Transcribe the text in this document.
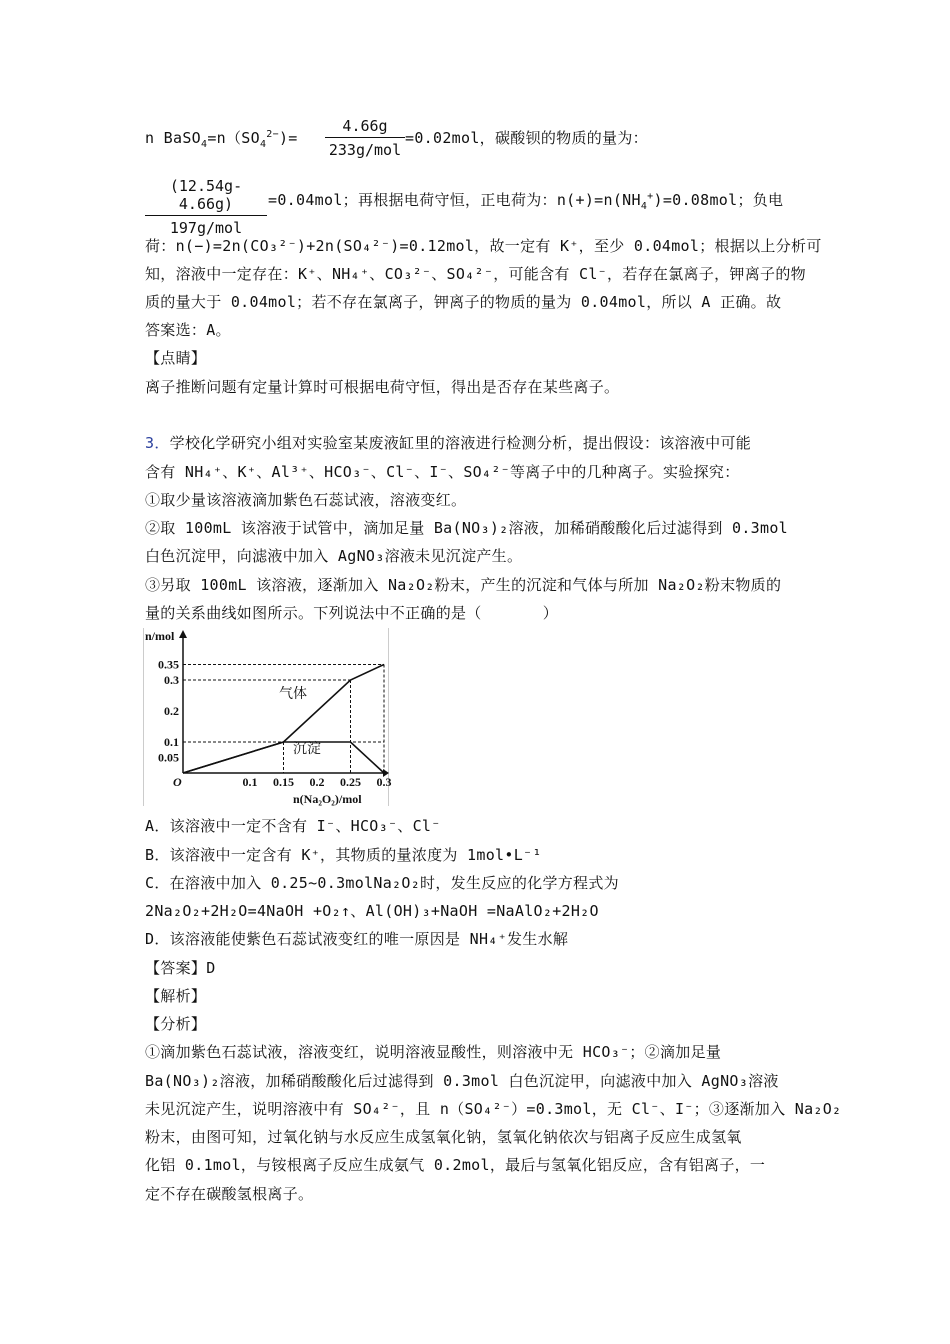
n $BaSO_4=n(SO_4^{2-})=$
4.66g
233g/mol
=0.02mol，碳酸钡的物质的量为：
(12.54g-4.66g)
197g/mol
=0.04mol；再根据电荷守恒，正电荷为：$n(+)=n(NH_4^+)=0.08mol$；负电
荷：n(−)=2n(CO₃²⁻)+2n(SO₄²⁻)=0.12mol，故一定有 K⁺，至少 0.04mol；根据以上分析可
知，溶液中一定存在：K⁺、NH₄⁺、CO₃²⁻、SO₄²⁻，可能含有 Cl⁻，若存在氯离子，钾离子的物
质的量大于 0.04mol；若不存在氯离子，钾离子的物质的量为 0.04mol，所以 A 正确。故
答案选：A。
【点睛】
离子推断问题有定量计算时可根据电荷守恒，得出是否存在某些离子。
3．学校化学研究小组对实验室某废液缸里的溶液进行检测分析，提出假设：该溶液中可能
含有 NH₄⁺、K⁺、Al³⁺、HCO₃⁻、Cl⁻、I⁻、SO₄²⁻等离子中的几种离子。实验探究：
①取少量该溶液滴加紫色石蕊试液，溶液变红。
②取 100mL 该溶液于试管中，滴加足量 Ba(NO₃)₂溶液，加稀硝酸酸化后过滤得到 0.3mol
白色沉淀甲，向滤液中加入 AgNO₃溶液未见沉淀产生。
③另取 100mL 该溶液，逐渐加入 Na₂O₂粉末，产生的沉淀和气体与所加 Na₂O₂粉末物质的
量的关系曲线如图所示。下列说法中不正确的是（　　　　）
n/mol
n(Na₂O₂)/mol
O
0.05
0.1
0.2
0.3
0.35
0.1 0.15 0.2 0.25 0.3
气体
沉淀
A．该溶液中一定不含有 I⁻、HCO₃⁻、Cl⁻
B．该溶液中一定含有 K⁺，其物质的量浓度为 1mol•L⁻¹
C．在溶液中加入 0.25~0.3molNa₂O₂时，发生反应的化学方程式为
2Na₂O₂+2H₂O=4NaOH +O₂↑、Al(OH)₃+NaOH =NaAlO₂+2H₂O
D．该溶液能使紫色石蕊试液变红的唯一原因是 NH₄⁺发生水解
【答案】D
【解析】
【分析】
①滴加紫色石蕊试液，溶液变红，说明溶液显酸性，则溶液中无 HCO₃⁻；②滴加足量
Ba(NO₃)₂溶液，加稀硝酸酸化后过滤得到 0.3mol 白色沉淀甲，向滤液中加入 AgNO₃溶液
未见沉淀产生，说明溶液中有 SO₄²⁻，且 n（SO₄²⁻）=0.3mol，无 Cl⁻、I⁻；③逐渐加入 Na₂O₂
粉末，由图可知，过氧化钠与水反应生成氢氧化钠，氢氧化钠依次与铝离子反应生成氢氧
化铝 0.1mol，与铵根离子反应生成氨气 0.2mol，最后与氢氧化铝反应，含有铝离子，一
定不存在碳酸氢根离子。
